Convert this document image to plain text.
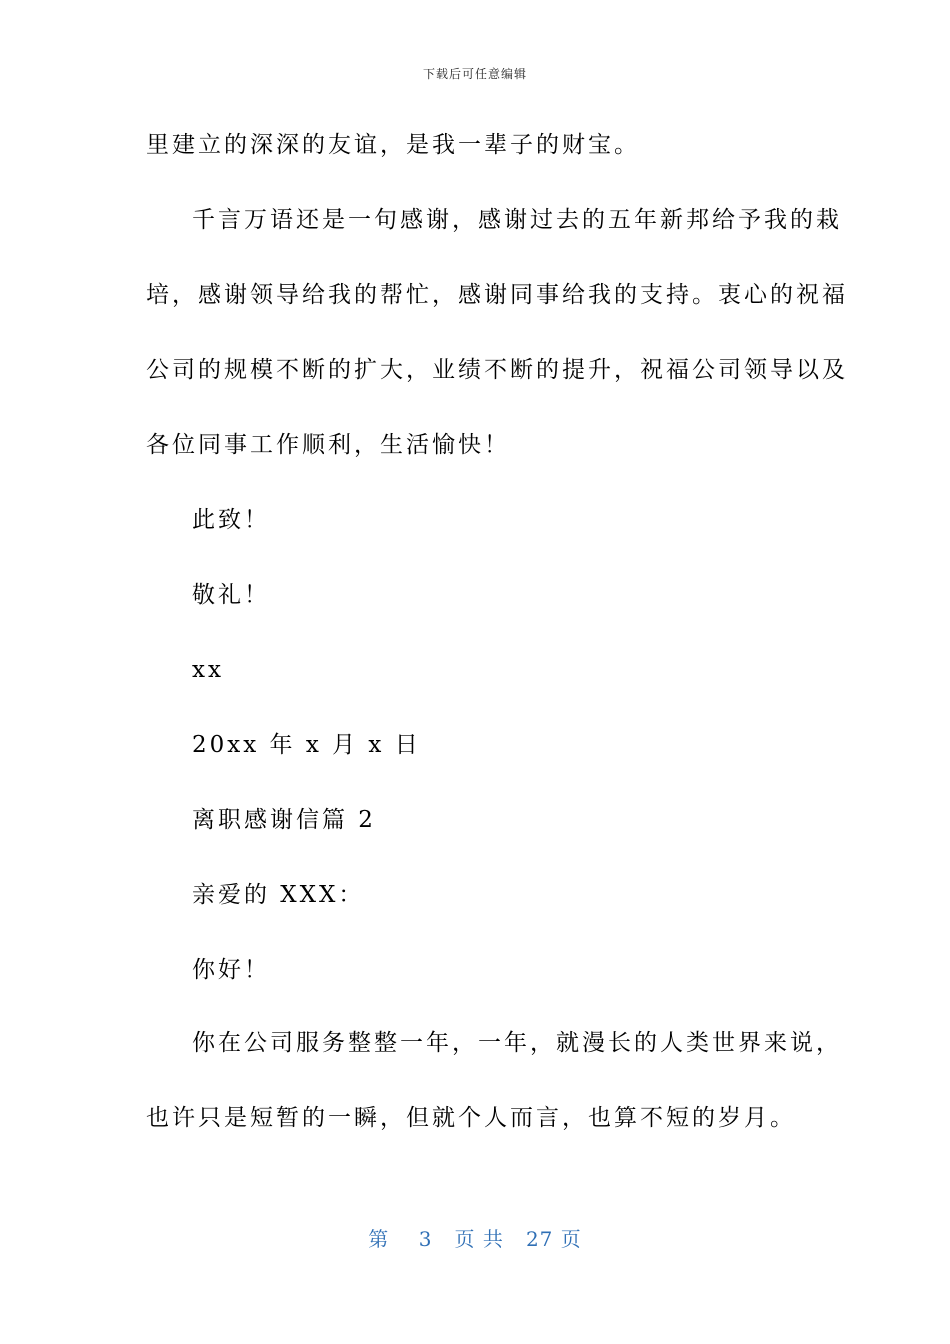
下载后可任意编辑
里建立的深深的友谊，是我一辈子的财宝。
千言万语还是一句感谢，感谢过去的五年新邦给予我的栽
培，感谢领导给我的帮忙，感谢同事给我的支持。衷心的祝福
公司的规模不断的扩大，业绩不断的提升，祝福公司领导以及
各位同事工作顺利，生活愉快！
此致！
敬礼！
xx
20xx 年 x 月 x 日
离职感谢信篇 2
亲爱的 XXX：
你好！
你在公司服务整整一年，一年，就漫长的人类世界来说，
也许只是短暂的一瞬，但就个人而言，也算不短的岁月。
第 3 页 共 27 页
